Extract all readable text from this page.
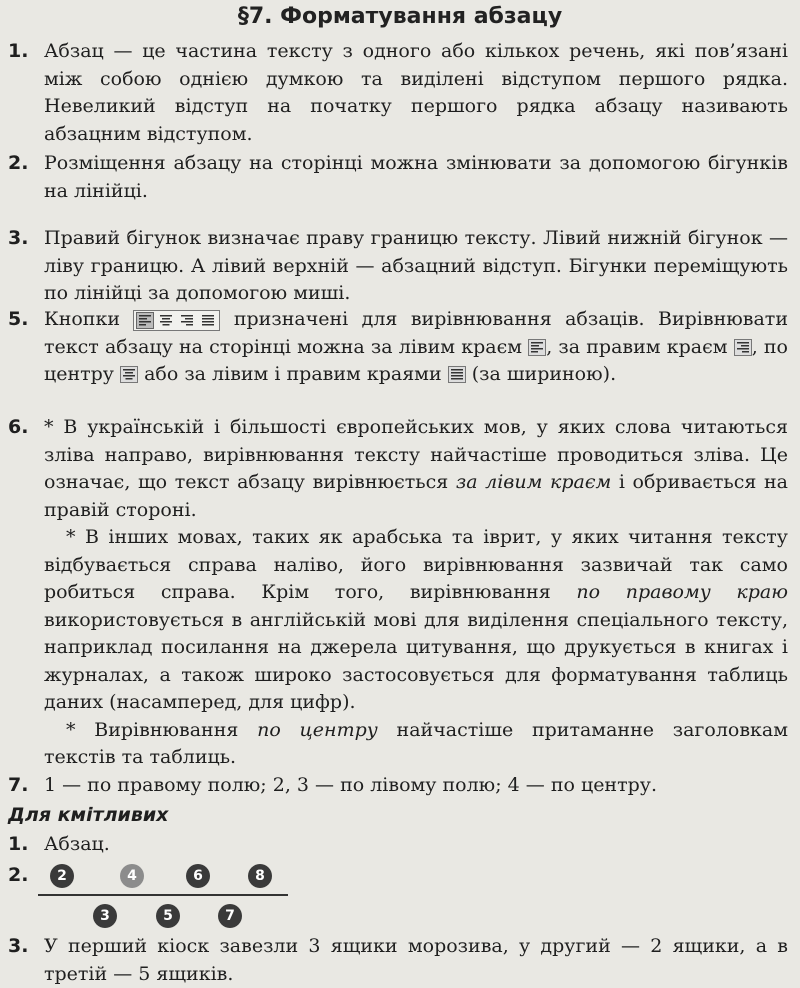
§7. Форматування абзацу
1. Абзац — це частина тексту з одного або кількох речень, які пов’язані між собою однією думкою та виділені відступом першого рядка. Невеликий відступ на початку першого рядка абзацу називають абзацним відступом.
2. Розміщення абзацу на сторінці можна змінювати за допомогою бігунків на лінійці.
3. Правий бігунок визначає праву границю тексту. Лівий нижній бігунок — ліву границю. А лівий верхній — абзацний відступ. Бігунки переміщують по лінійці за допомогою миші.
5. Кнопки	призначені для вирівнювання абзаців. Вирівнювати текст абзацу на сторінці можна за лівим краєм , за правим краєм , по центру або за лівим і правим краями (за шириною).
6. * В українській і більшості європейських мов, у яких слова читаються зліва направо, вирівнювання тексту найчастіше проводиться зліва. Це означає, що текст абзацу вирівнюється за лівим краєм і обривається на правій стороні.
* В інших мовах, таких як арабська та іврит, у яких читання тексту відбувається справа наліво, його вирівнювання зазвичай так само робиться справа. Крім того, вирівнювання по правому краю використовується в англійській мові для виділення спеціального тексту, наприклад посилання на джерела цитування, що друкується в книгах і журналах, а також широко застосовується для форматування таблиць даних (насамперед, для цифр).
* Вирівнювання по центру найчастіше притаманне заголовкам текстів та таблиць.
7. 1 — по правому полю; 2, 3 — по лівому полю; 4 — по центру.
Для кмітливих
1. Абзац.
2.	2	4	6	8
3	5	7
3. У перший кіоск завезли 3 ящики морозива, у другий — 2 ящики, а в третій — 5 ящиків.
